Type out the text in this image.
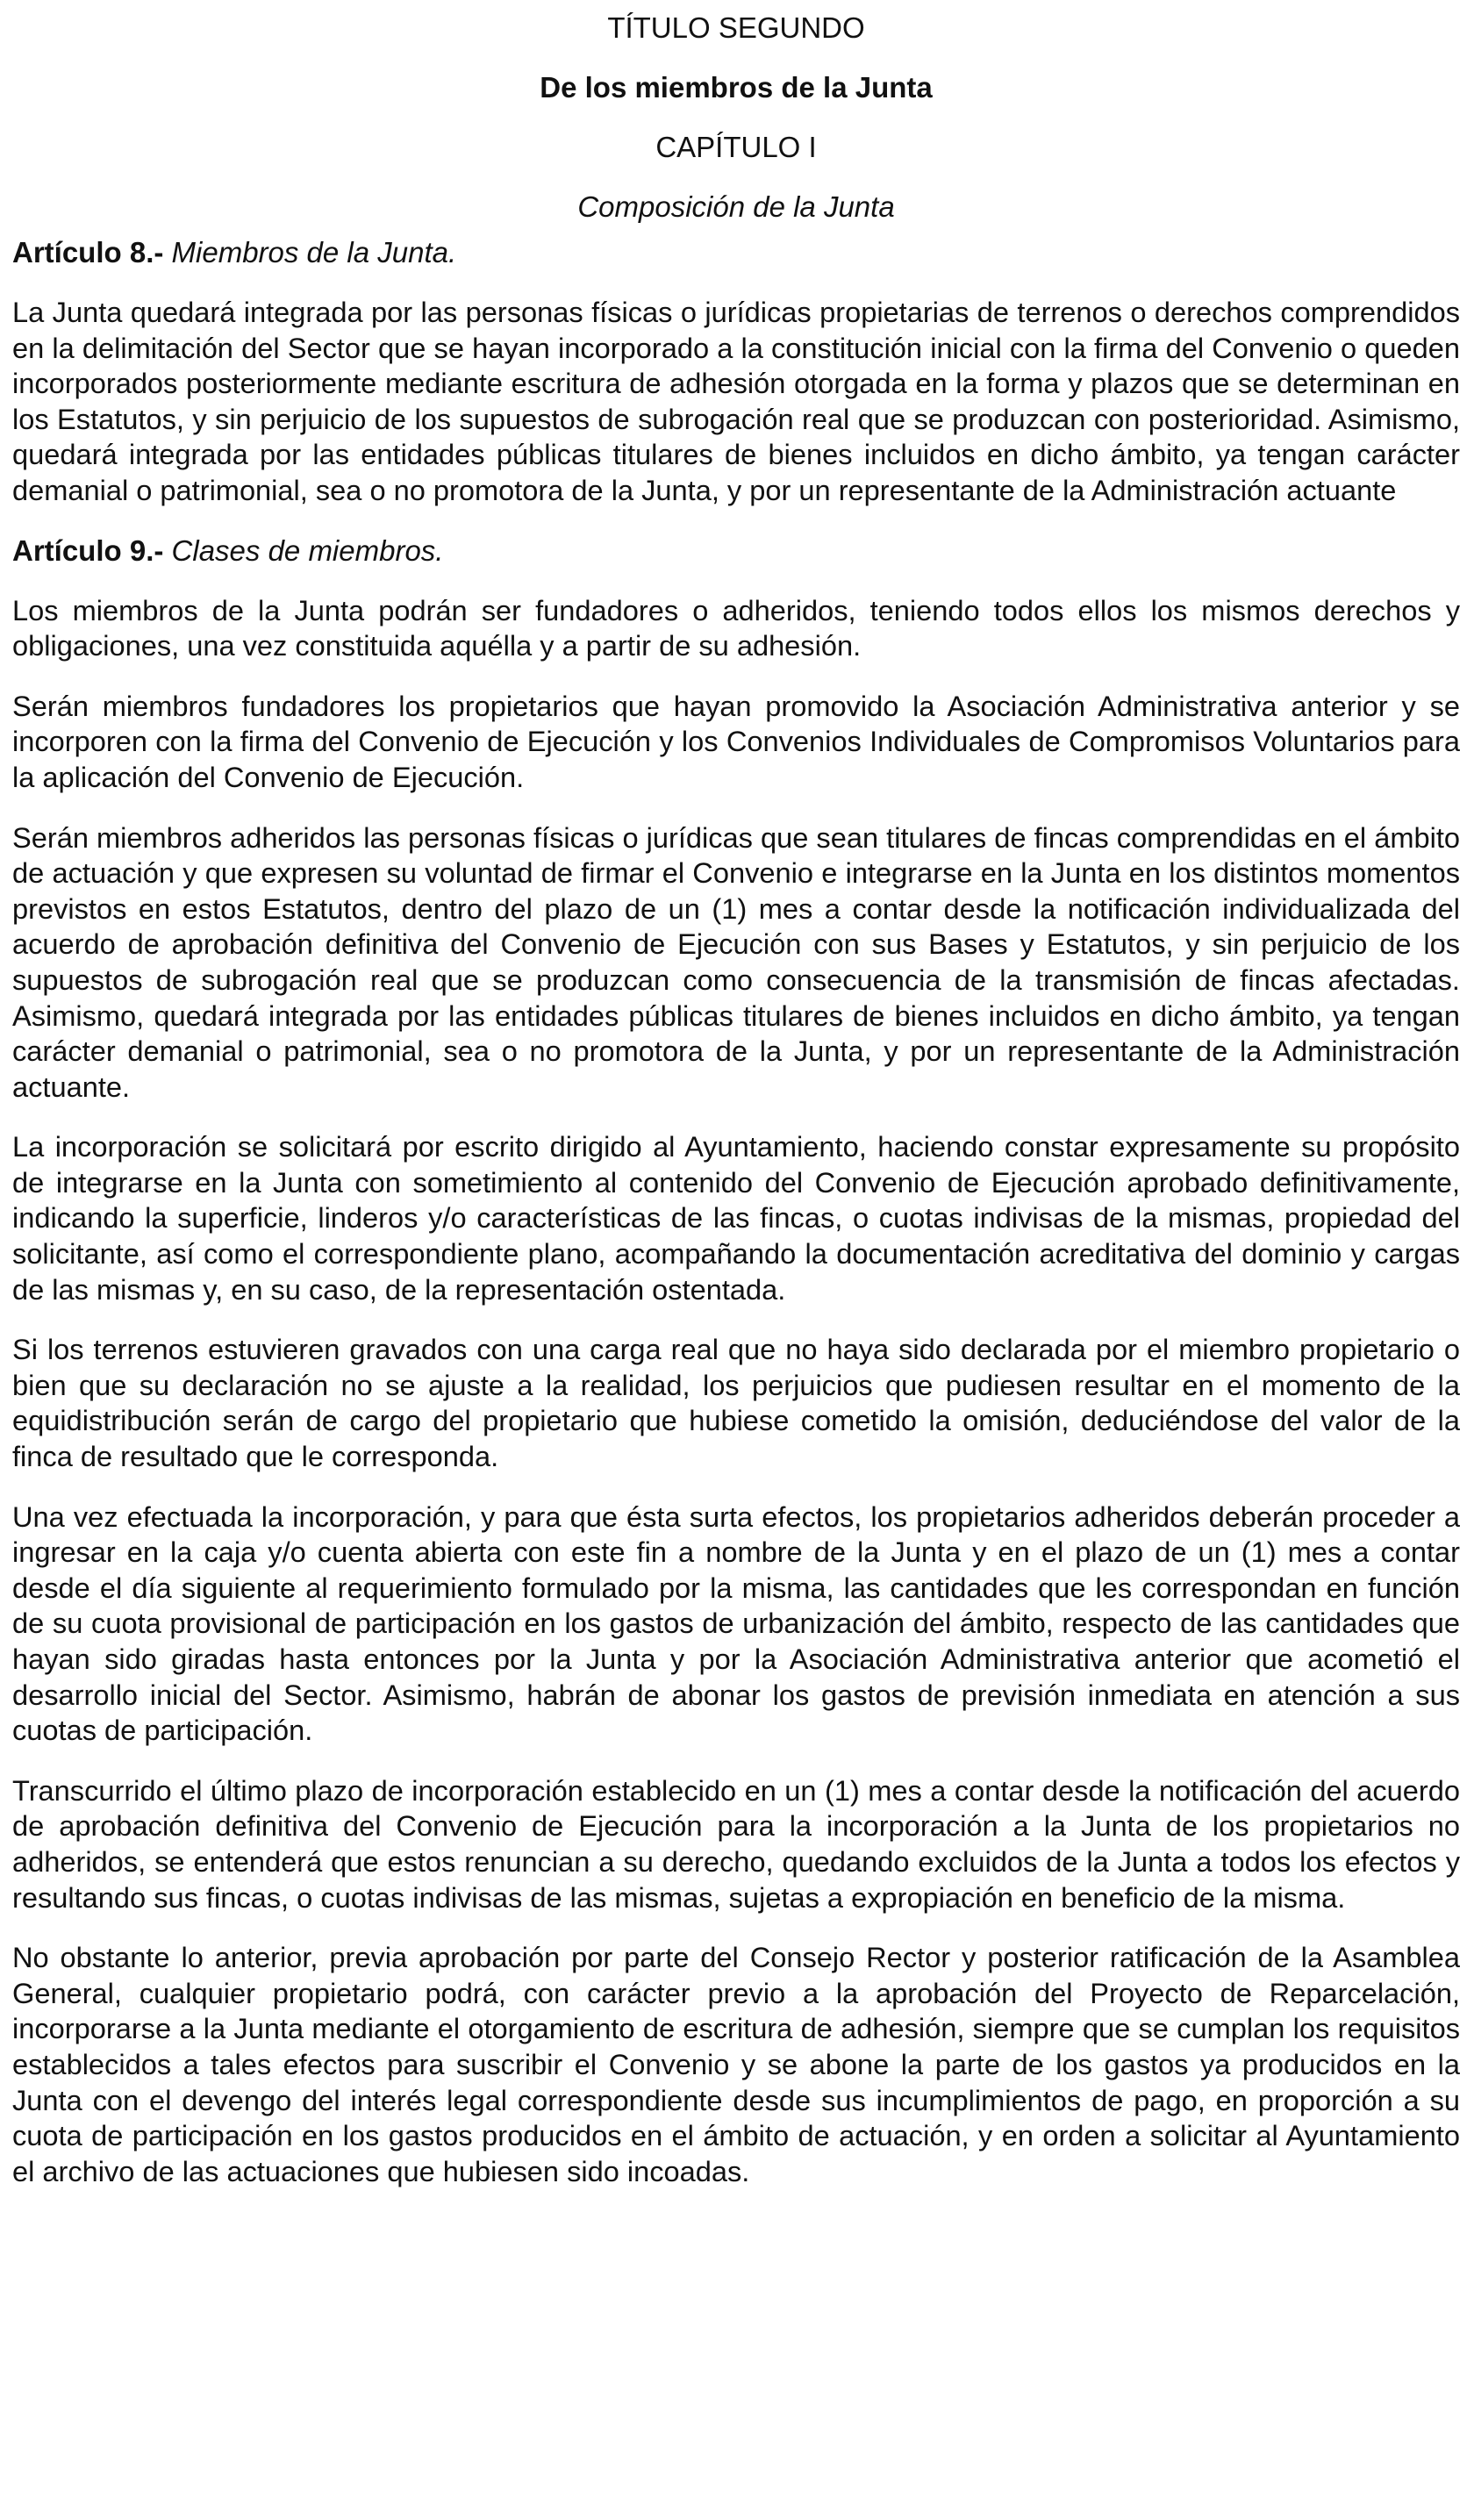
TÍTULO SEGUNDO

De los miembros de la Junta

CAPÍTULO I

Composición de la Junta

Artículo 8.- Miembros de la Junta.

La Junta quedará integrada por las personas físicas o jurídicas propietarias de terrenos o derechos comprendidos en la delimitación del Sector que se hayan incorporado a la constitución inicial con la firma del Convenio o queden incorporados posteriormente mediante escritura de adhesión otorgada en la forma y plazos que se determinan en los Estatutos, y sin perjuicio de los supuestos de subrogación real que se produzcan con posterioridad. Asimismo, quedará integrada por las entidades públicas titulares de bienes incluidos en dicho ámbito, ya tengan carácter demanial o patrimonial, sea o no promotora de la Junta, y por un representante de la Administración actuante

Artículo 9.- Clases de miembros.

Los miembros de la Junta podrán ser fundadores o adheridos, teniendo todos ellos los mismos derechos y obligaciones, una vez constituida aquélla y a partir de su adhesión.

Serán miembros fundadores los propietarios que hayan promovido la Asociación Administrativa anterior y se incorporen con la firma del Convenio de Ejecución y los Convenios Individuales de Compromisos Voluntarios para la aplicación del Convenio de Ejecución.

Serán miembros adheridos las personas físicas o jurídicas que sean titulares de fincas comprendidas en el ámbito de actuación y que expresen su voluntad de firmar el Convenio e integrarse en la Junta en los distintos momentos previstos en estos Estatutos, dentro del plazo de un (1) mes a contar desde la notificación individualizada del acuerdo de aprobación definitiva del Convenio de Ejecución con sus Bases y Estatutos, y sin perjuicio de los supuestos de subrogación real que se produzcan como consecuencia de la transmisión de fincas afectadas. Asimismo, quedará integrada por las entidades públicas titulares de bienes incluidos en dicho ámbito, ya tengan carácter demanial o patrimonial, sea o no promotora de la Junta, y por un representante de la Administración actuante.

La incorporación se solicitará por escrito dirigido al Ayuntamiento, haciendo constar expresamente su propósito de integrarse en la Junta con sometimiento al contenido del Convenio de Ejecución aprobado definitivamente, indicando la superficie, linderos y/o características de las fincas, o cuotas indivisas de la mismas, propiedad del solicitante, así como el correspondiente plano, acompañando la documentación acreditativa del dominio y cargas de las mismas y, en su caso, de la representación ostentada.

Si los terrenos estuvieren gravados con una carga real que no haya sido declarada por el miembro propietario o bien que su declaración no se ajuste a la realidad, los perjuicios que pudiesen resultar en el momento de la equidistribución serán de cargo del propietario que hubiese cometido la omisión, deduciéndose del valor de la finca de resultado que le corresponda.

Una vez efectuada la incorporación, y para que ésta surta efectos, los propietarios adheridos deberán proceder a ingresar en la caja y/o cuenta abierta con este fin a nombre de la Junta y en el plazo de un (1) mes a contar desde el día siguiente al requerimiento formulado por la misma, las cantidades que les correspondan en función de su cuota provisional de participación en los gastos de urbanización del ámbito, respecto de las cantidades que hayan sido giradas hasta entonces por la Junta y por la Asociación Administrativa anterior que acometió el desarrollo inicial del Sector. Asimismo, habrán de abonar los gastos de previsión inmediata en atención a sus cuotas de participación.

Transcurrido el último plazo de incorporación establecido en un (1) mes a contar desde la notificación del acuerdo de aprobación definitiva del Convenio de Ejecución para la incorporación a la Junta de los propietarios no adheridos, se entenderá que estos renuncian a su derecho, quedando excluidos de la Junta a todos los efectos y resultando sus fincas, o cuotas indivisas de las mismas, sujetas a expropiación en beneficio de la misma.

No obstante lo anterior, previa aprobación por parte del Consejo Rector y posterior ratificación de la Asamblea General, cualquier propietario podrá, con carácter previo a la aprobación del Proyecto de Reparcelación, incorporarse a la Junta mediante el otorgamiento de escritura de adhesión, siempre que se cumplan los requisitos establecidos a tales efectos para suscribir el Convenio y se abone la parte de los gastos ya producidos en la Junta con el devengo del interés legal correspondiente desde sus incumplimientos de pago, en proporción a su cuota de participación en los gastos producidos en el ámbito de actuación, y en orden a solicitar al Ayuntamiento el archivo de las actuaciones que hubiesen sido incoadas.
